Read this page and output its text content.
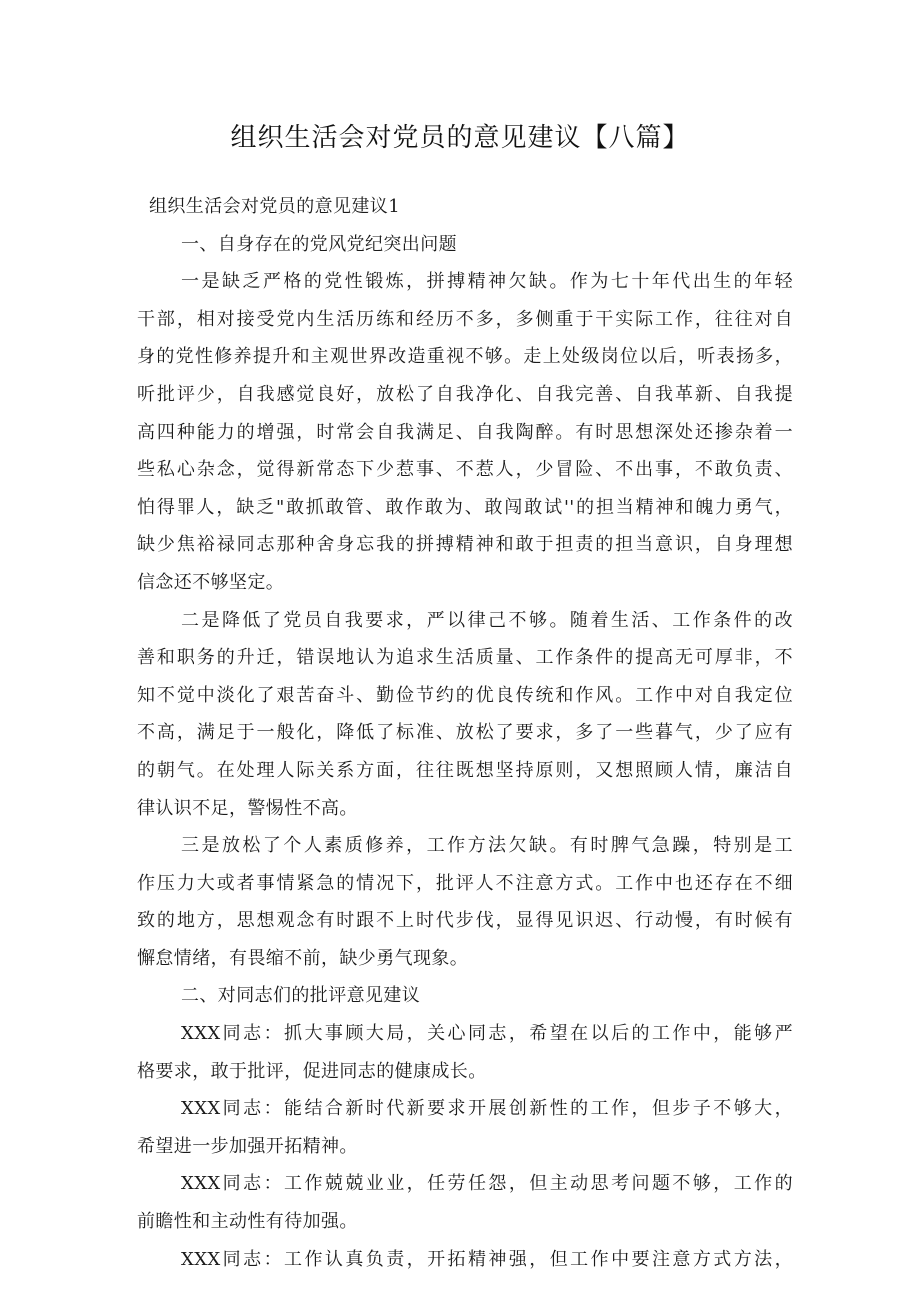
组织生活会对党员的意见建议【八篇】
组织生活会对党员的意见建议1
一、自身存在的党风党纪突出问题
一是缺乏严格的党性锻炼，拼搏精神欠缺。作为七十年代出生的年轻
干部，相对接受党内生活历练和经历不多，多侧重于干实际工作，往往对自
身的党性修养提升和主观世界改造重视不够。走上处级岗位以后，听表扬多，
听批评少，自我感觉良好，放松了自我净化、自我完善、自我革新、自我提
高四种能力的增强，时常会自我满足、自我陶醉。有时思想深处还掺杂着一
些私心杂念，觉得新常态下少惹事、不惹人，少冒险、不出事，不敢负责、
怕得罪人，缺乏"敢抓敢管、敢作敢为、敢闯敢试''的担当精神和魄力勇气，
缺少焦裕禄同志那种舍身忘我的拼搏精神和敢于担责的担当意识，自身理想
信念还不够坚定。
二是降低了党员自我要求，严以律己不够。随着生活、工作条件的改
善和职务的升迁，错误地认为追求生活质量、工作条件的提高无可厚非，不
知不觉中淡化了艰苦奋斗、勤俭节约的优良传统和作风。工作中对自我定位
不高，满足于一般化，降低了标准、放松了要求，多了一些暮气，少了应有
的朝气。在处理人际关系方面，往往既想坚持原则，又想照顾人情，廉洁自
律认识不足，警惕性不高。
三是放松了个人素质修养，工作方法欠缺。有时脾气急躁，特别是工
作压力大或者事情紧急的情况下，批评人不注意方式。工作中也还存在不细
致的地方，思想观念有时跟不上时代步伐，显得见识迟、行动慢，有时候有
懈怠情绪，有畏缩不前，缺少勇气现象。
二、对同志们的批评意见建议
XXX同志：抓大事顾大局，关心同志，希望在以后的工作中，能够严
格要求，敢于批评，促进同志的健康成长。
XXX同志：能结合新时代新要求开展创新性的工作，但步子不够大，
希望进一步加强开拓精神。
XXX同志：工作兢兢业业，任劳任怨，但主动思考问题不够，工作的
前瞻性和主动性有待加强。
XXX同志：工作认真负责，开拓精神强，但工作中要注意方式方法，
